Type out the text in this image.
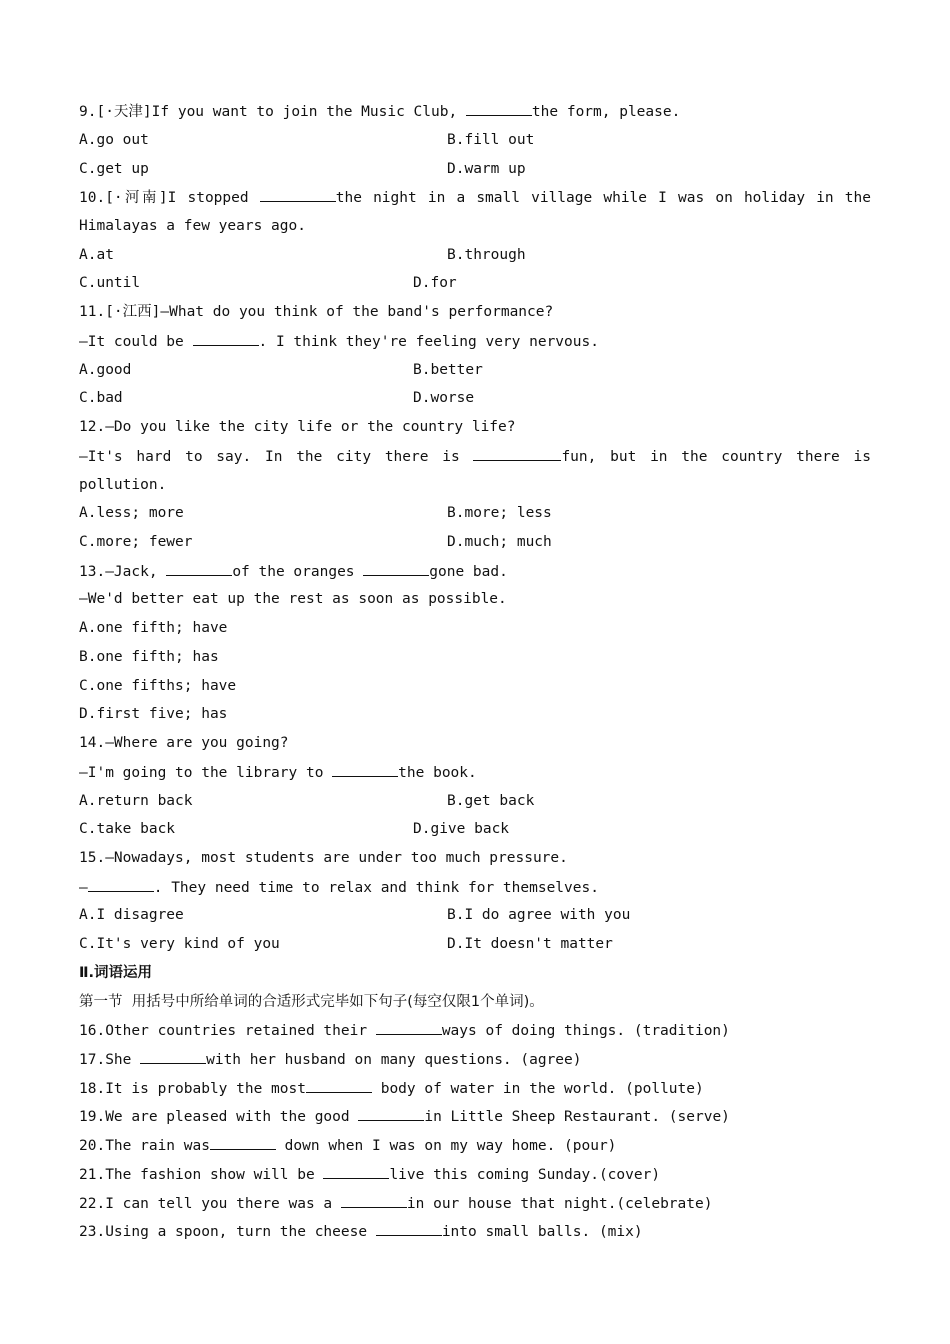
9.[·天津]If you want to join the Music Club,	the form, please.
A.go out	B.fill out
C.get up	D.warm up
10.[·河南]I stopped	the night in a small village while I was on holiday in the
Himalayas a few years ago.
A.at	B.through
C.until	D.for
11.[·江西]—What do you think of the band's performance?
—It could be	. I think they're feeling very nervous.
A.good	B.better
C.bad	D.worse
12.—Do you like the city life or the country life?
—It's hard to say. In the city there is	fun, but in the country there is
pollution.
A.less; more	B.more; less
C.more; fewer	D.much; much
13.—Jack,	of the oranges	gone bad.
—We'd better eat up the rest as soon as possible.
A.one fifth; have
B.one fifth; has
C.one fifths; have
D.first five; has
14.—Where are you going?
—I'm going to the library to	the book.
A.return back	B.get back
C.take back	D.give back
15.—Nowadays, most students are under too much pressure.
—	. They need time to relax and think for themselves.
A.I disagree	B.I do agree with you
C.It's very kind of you	D.It doesn't matter
Ⅱ.词语运用
第一节  用括号中所给单词的合适形式完毕如下句子(每空仅限1个单词)。
16.Other countries retained their	ways of doing things. (tradition)
17.She	with her husband on many questions. (agree)
18.It is probably the most	body of water in the world. (pollute)
19.We are pleased with the good	in Little Sheep Restaurant. (serve)
20.The rain was	down when I was on my way home. (pour)
21.The fashion show will be	live this coming Sunday.(cover)
22.I can tell you there was a	in our house that night.(celebrate)
23.Using a spoon, turn the cheese	into small balls. (mix)
